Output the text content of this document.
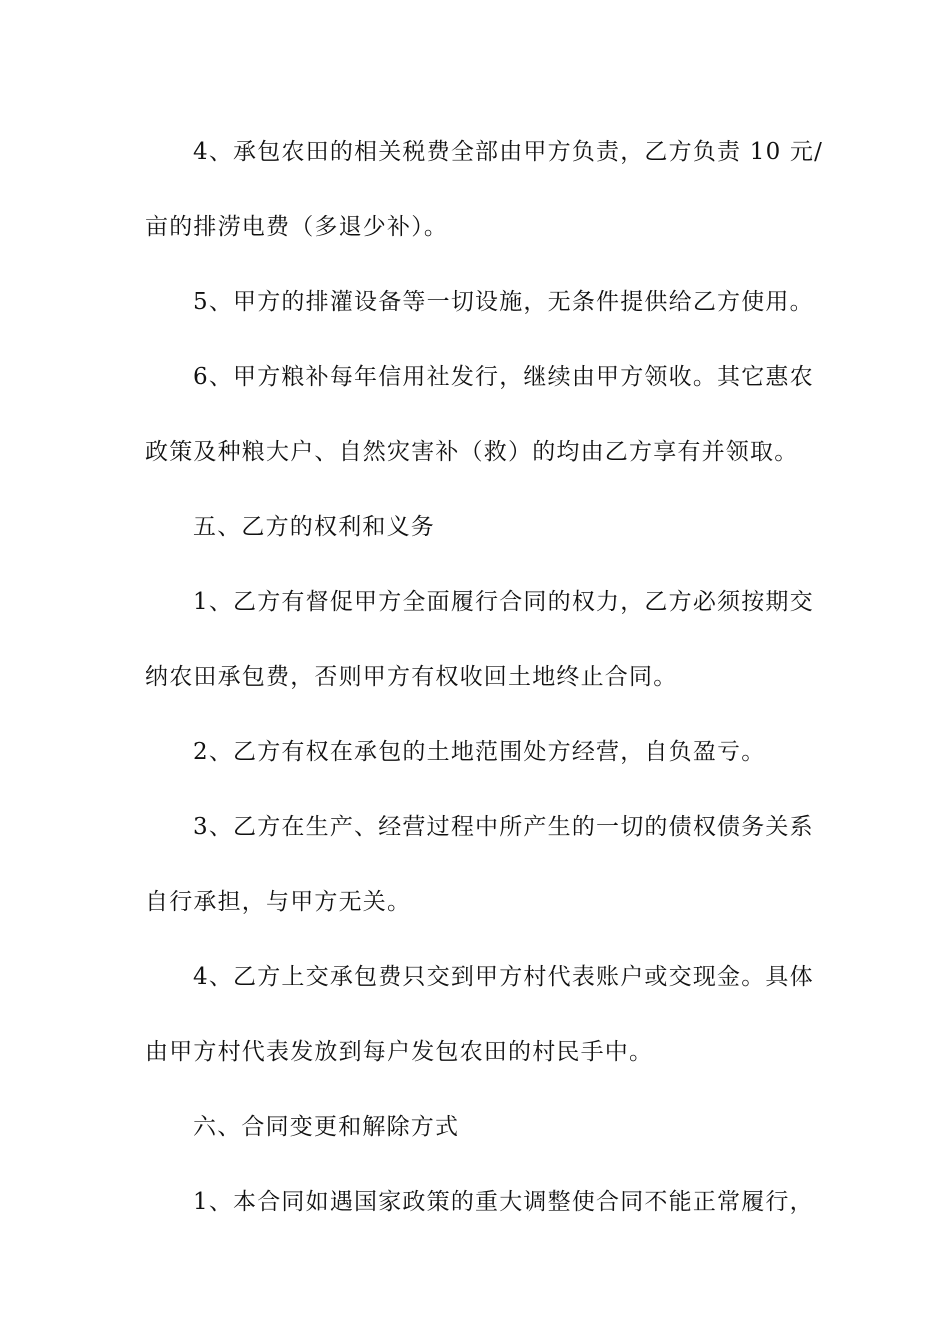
4、承包农田的相关税费全部由甲方负责，乙方负责 10 元/
亩的排涝电费（多退少补）。
5、甲方的排灌设备等一切设施，无条件提供给乙方使用。
6、甲方粮补每年信用社发行，继续由甲方领收。其它惠农
政策及种粮大户、自然灾害补（救）的均由乙方享有并领取。
五、乙方的权利和义务
1、乙方有督促甲方全面履行合同的权力，乙方必须按期交
纳农田承包费，否则甲方有权收回土地终止合同。
2、乙方有权在承包的土地范围处方经营，自负盈亏。
3、乙方在生产、经营过程中所产生的一切的债权债务关系
自行承担，与甲方无关。
4、乙方上交承包费只交到甲方村代表账户或交现金。具体
由甲方村代表发放到每户发包农田的村民手中。
六、合同变更和解除方式
1、本合同如遇国家政策的重大调整使合同不能正常履行，
